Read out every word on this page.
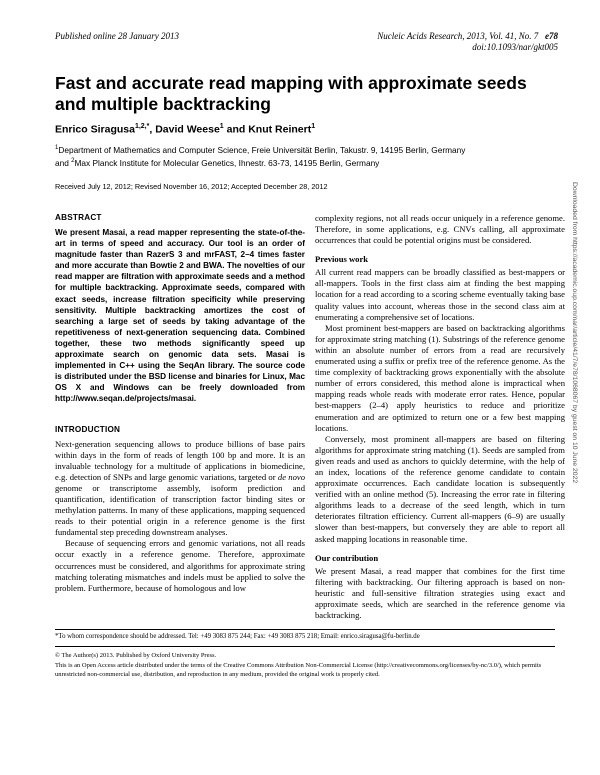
Published online 28 January 2013	Nucleic Acids Research, 2013, Vol. 41, No. 7 e78
doi:10.1093/nar/gkt005
Fast and accurate read mapping with approximate seeds and multiple backtracking
Enrico Siragusa$^{1,2,*}$, David Weese$^1$ and Knut Reinert$^1$
$^1$Department of Mathematics and Computer Science, Freie Universität Berlin, Takustr. 9, 14195 Berlin, Germany
and $^2$Max Planck Institute for Molecular Genetics, Ihnestr. 63-73, 14195 Berlin, Germany
Received July 12, 2012; Revised November 16, 2012; Accepted December 28, 2012
ABSTRACT

We present Masai, a read mapper representing the state-of-the-art in terms of speed and accuracy. Our tool is an order of magnitude faster than RazerS 3 and mrFAST, 2–4 times faster and more accurate than Bowtie 2 and BWA. The novelties of our read mapper are filtration with approximate seeds and a method for multiple backtracking. Approximate seeds, compared with exact seeds, increase filtration specificity while preserving sensitivity. Multiple backtracking amortizes the cost of searching a large set of seeds by taking advantage of the repetitiveness of next-generation sequencing data. Combined together, these two methods significantly speed up approximate search on genomic data sets. Masai is implemented in C++ using the SeqAn library. The source code is distributed under the BSD license and binaries for Linux, Mac OS X and Windows can be freely downloaded from http://www.seqan.de/projects/masai.

INTRODUCTION

Next-generation sequencing allows to produce billions of base pairs within days in the form of reads of length 100 bp and more. It is an invaluable technology for a multitude of applications in biomedicine, e.g. detection of SNPs and large genomic variations, targeted or de novo genome or transcriptome assembly, isoform prediction and quantification, identification of transcription factor binding sites or methylation patterns. In many of these applications, mapping sequenced reads to their potential origin in a reference genome is the first fundamental step preceding downstream analyses.

Because of sequencing errors and genomic variations, not all reads occur exactly in a reference genome. Therefore, approximate occurrences must be considered, and algorithms for approximate string matching tolerating mismatches and indels must be applied to solve the problem. Furthermore, because of homologous and low

complexity regions, not all reads occur uniquely in a reference genome. Therefore, in some applications, e.g. CNVs calling, all approximate occurrences that could be potential origins must be considered.

Previous work

All current read mappers can be broadly classified as best-mappers or all-mappers. Tools in the first class aim at finding the best mapping location for a read according to a scoring scheme eventually taking base quality values into account, whereas those in the second class aim at enumerating a comprehensive set of locations.

Most prominent best-mappers are based on backtracking algorithms for approximate string matching (1). Substrings of the reference genome within an absolute number of errors from a read are recursively enumerated using a suffix or prefix tree of the reference genome. As the time complexity of backtracking grows exponentially with the absolute number of errors considered, this method alone is impractical when mapping reads whole reads with moderate error rates. Hence, popular best-mappers (2–4) apply heuristics to reduce and prioritize enumeration and are optimized to return one or a few best mapping locations.

Conversely, most prominent all-mappers are based on filtering algorithms for approximate string matching (1). Seeds are sampled from given reads and used as anchors to quickly determine, with the help of an index, locations of the reference genome candidate to contain approximate occurrences. Each candidate location is subsequently verified with an online method (5). Increasing the error rate in filtering algorithms leads to a decrease of the seed length, which in turn deteriorates filtration efficiency. Current all-mappers (6–9) are usually slower than best-mappers, but conversely they are able to report all asked mapping locations in reasonable time.

Our contribution

We present Masai, a read mapper that combines for the first time filtering with backtracking. Our filtering approach is based on non-heuristic and full-sensitive filtration strategies using exact and approximate seeds, which are searched in the reference genome via backtracking.

*To whom correspondence should be addressed. Tel: +49 3083 875 244; Fax: +49 3083 875 218; Email: enrico.siragusa@fu-berlin.de
© The Author(s) 2013. Published by Oxford University Press.
This is an Open Access article distributed under the terms of the Creative Commons Attribution Non-Commercial License (http://creativecommons.org/licenses/by-nc/3.0/), which permits unrestricted non-commercial use, distribution, and reproduction in any medium, provided the original work is properly cited.
Downloaded from https://academic.oup.com/nar/article/41/7/e78/1068067 by guest on 10 June 2022
